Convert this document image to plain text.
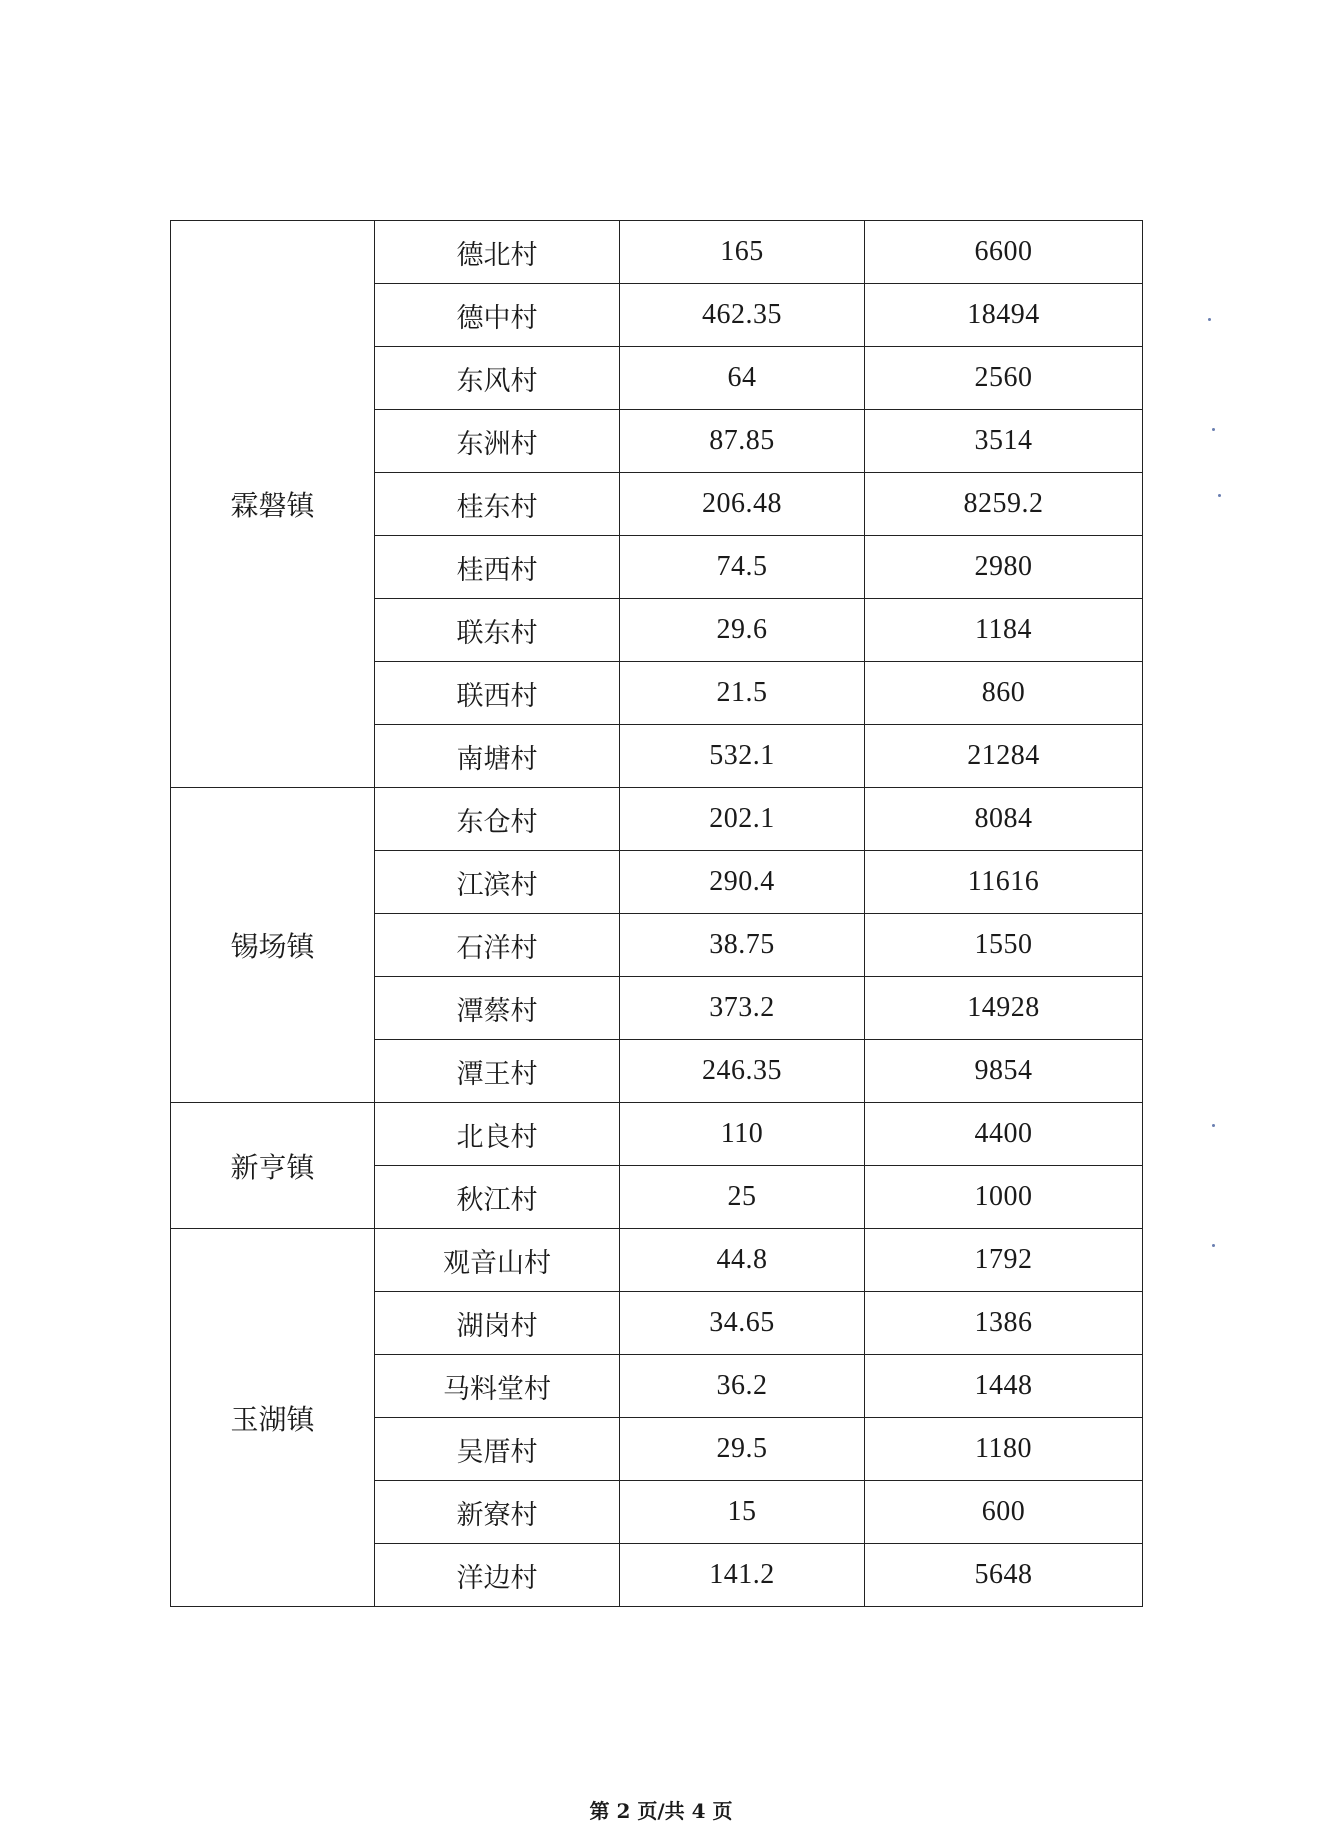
霖磐镇	德北村	165	6600
	德中村	462.35	18494
	东风村	64	2560
	东洲村	87.85	3514
	桂东村	206.48	8259.2
	桂西村	74.5	2980
	联东村	29.6	1184
	联西村	21.5	860
	南塘村	532.1	21284
锡场镇	东仓村	202.1	8084
	江滨村	290.4	11616
	石洋村	38.75	1550
	潭蔡村	373.2	14928
	潭王村	246.35	9854
新亨镇	北良村	110	4400
	秋江村	25	1000
玉湖镇	观音山村	44.8	1792
	湖岗村	34.65	1386
	马料堂村	36.2	1448
	吴厝村	29.5	1180
	新寮村	15	600
	洋边村	141.2	5648
第 2 页/共 4 页
